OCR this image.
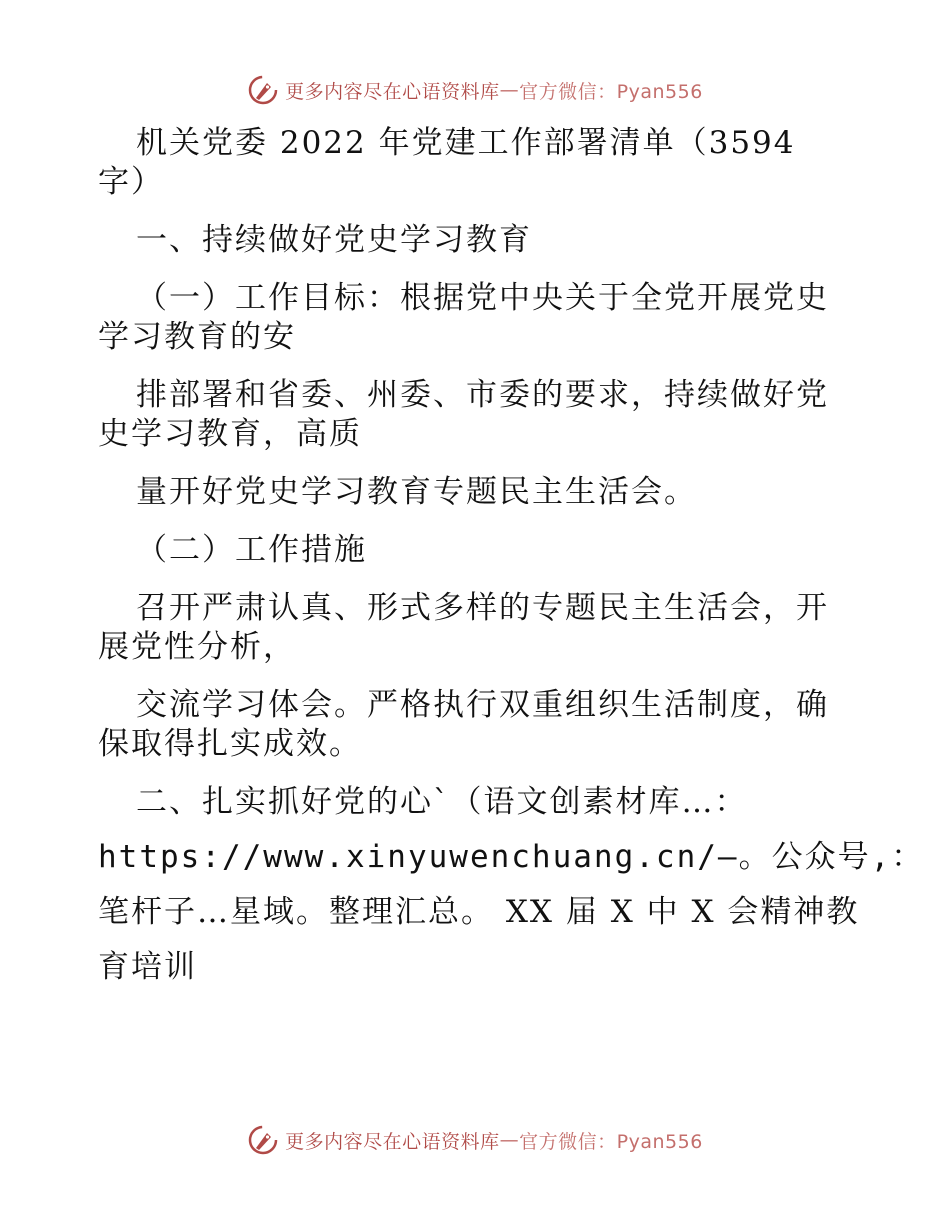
更多内容尽在心语资料库 — 官方微信：Pyan556
机关党委 2022 年党建工作部署清单（3594
字）
一、持续做好党史学习教育
（一）工作目标：根据党中央关于全党开展党史
学习教育的安
排部署和省委、州委、市委的要求，持续做好党
史学习教育，高质
量开好党史学习教育专题民主生活会。
（二）工作措施
召开严肃认真、形式多样的专题民主生活会，开
展党性分析，
交流学习体会。严格执行双重组织生活制度，确
保取得扎实成效。
二、扎实抓好党的心`（语文创素材库…：
https://www.xinyuwenchuang.cn/—。公众号,：
笔杆子…星域。整理汇总。 XX 届 X 中 X 会精神教
育培训
更多内容尽在心语资料库 — 官方微信：Pyan556
